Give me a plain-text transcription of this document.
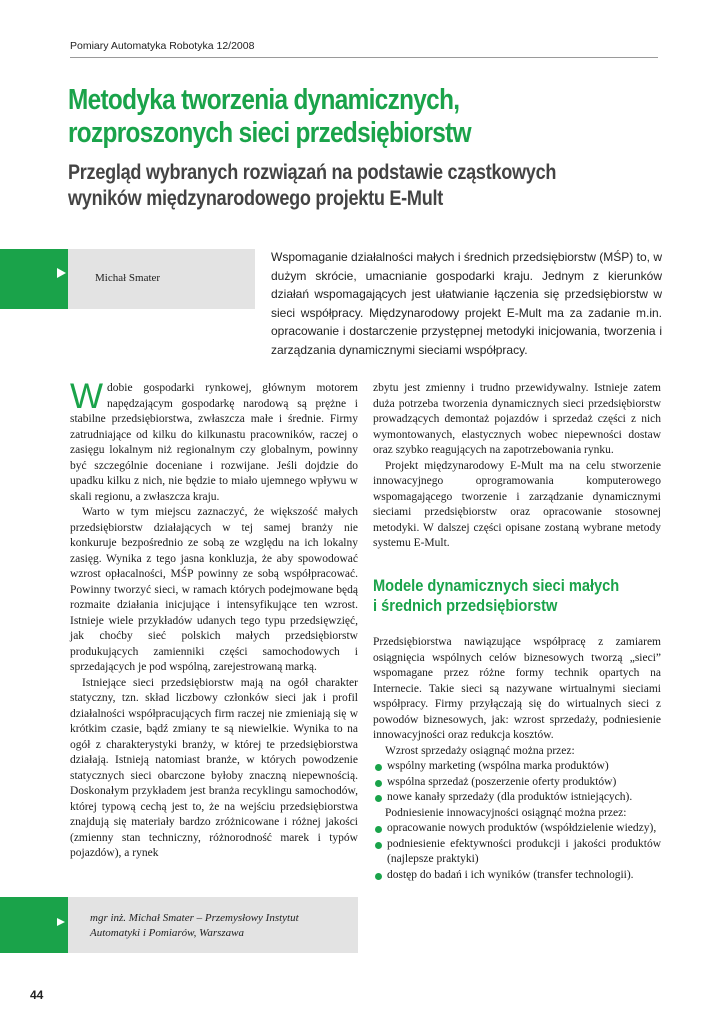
Pomiary Automatyka Robotyka 12/2008
Metodyka tworzenia dynamicznych,
rozproszonych sieci przedsiębiorstw
Przegląd wybranych rozwiązań na podstawie cząstkowych
wyników międzynarodowego projektu E-Mult
Michał Smater
Wspomaganie działalności małych i średnich przedsiębiorstw (MŚP) to, w dużym skrócie, umacnianie gospodarki kraju. Jednym z kierunków działań wspomagających jest ułatwianie łączenia się przedsiębiorstw w sieci współpracy. Międzynarodowy projekt E-Mult ma za zadanie m.in. opracowanie i dostarczenie przystępnej metodyki inicjowania, tworzenia i zarządzania dynamicznymi sieciami współpracy.

Wdobie gospodarki rynkowej, głównym motorem napędzającym gospodarkę narodową są prężne i stabilne przedsiębiorstwa, zwłaszcza małe i średnie. Firmy zatrudniające od kilku do kilkunastu pracowników, raczej o zasięgu lokalnym niż regionalnym czy globalnym, powinny być szczególnie doceniane i rozwijane. Jeśli dojdzie do upadku kilku z nich, nie będzie to miało ujemnego wpływu w skali regionu, a zwłaszcza kraju.

Warto w tym miejscu zaznaczyć, że większość małych przedsiębiorstw działających w tej samej branży nie konkuruje bezpośrednio ze sobą ze względu na ich lokalny zasięg. Wynika z tego jasna konkluzja, że aby spowodować wzrost opłacalności, MŚP powinny ze sobą współpracować. Powinny tworzyć sieci, w ramach których podejmowane będą rozmaite działania inicjujące i intensyfikujące ten wzrost. Istnieje wiele przykładów udanych tego typu przedsięwzięć, jak choćby sieć polskich małych przedsiębiorstw produkujących zamienniki części samochodowych i sprzedających je pod wspólną, zarejestrowaną marką.

Istniejące sieci przedsiębiorstw mają na ogół charakter statyczny, tzn. skład liczbowy członków sieci jak i profil działalności współpracujących firm raczej nie zmieniają się w krótkim czasie, bądź zmiany te są niewielkie. Wynika to na ogół z charakterystyki branży, w której te przedsiębiorstwa działają. Istnieją natomiast branże, w których powodzenie statycznych sieci obarczone byłoby znaczną niepewnością. Doskonałym przykładem jest branża recyklingu samochodów, której typową cechą jest to, że na wejściu przedsiębiorstwa znajdują się materiały bardzo zróżnicowane i różnej jakości (zmienny stan techniczny, różnorodność marek i typów pojazdów), a rynek

zbytu jest zmienny i trudno przewidywalny. Istnieje zatem duża potrzeba tworzenia dynamicznych sieci przedsiębiorstw prowadzących demontaż pojazdów i sprzedaż części z nich wymontowanych, elastycznych wobec niepewności dostaw oraz szybko reagujących na zapotrzebowania rynku.

Projekt międzynarodowy E-Mult ma na celu stworzenie innowacyjnego oprogramowania komputerowego wspomagającego tworzenie i zarządzanie dynamicznymi sieciami przedsiębiorstw oraz opracowanie stosownej metodyki. W dalszej części opisane zostaną wybrane metody systemu E-Mult.

Modele dynamicznych sieci małych
i średnich przedsiębiorstw

Przedsiębiorstwa nawiązujące współpracę z zamiarem osiągnięcia wspólnych celów biznesowych tworzą „sieci” wspomagane przez różne formy technik opartych na Internecie. Takie sieci są nazywane wirtualnymi sieciami współpracy. Firmy przyłączają się do wirtualnych sieci z powodów biznesowych, jak: wzrost sprzedaży, podniesienie innowacyjności oraz redukcja kosztów.

Wzrost sprzedaży osiągnąć można przez:

wspólny marketing (wspólna marka produktów)
wspólna sprzedaż (poszerzenie oferty produktów)
nowe kanały sprzedaży (dla produktów istniejących).

Podniesienie innowacyjności osiągnąć można przez:

opracowanie nowych produktów (współdzielenie wiedzy),
podniesienie efektywności produkcji i jakości produktów (najlepsze praktyki)
dostęp do badań i ich wyników (transfer technologii).
mgr inż. Michał Smater – Przemysłowy Instytut Automatyki i Pomiarów, Warszawa
44
